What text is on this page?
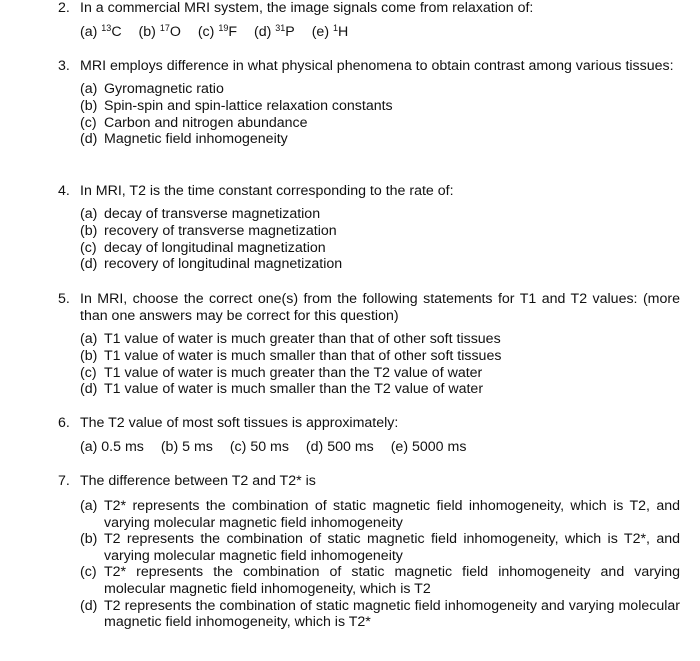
2. In a commercial MRI system, the image signals come from relaxation of:
(a) $^{13}$C (b) $^{17}$O (c) $^{19}$F (d) $^{31}$P (e) $^1$H
3. MRI employs difference in what physical phenomena to obtain contrast among various tissues:
(a) Gyromagnetic ratio
(b) Spin-spin and spin-lattice relaxation constants
(c) Carbon and nitrogen abundance
(d) Magnetic field inhomogeneity
4. In MRI, T2 is the time constant corresponding to the rate of:
(a) decay of transverse magnetization
(b) recovery of transverse magnetization
(c) decay of longitudinal magnetization
(d) recovery of longitudinal magnetization
5. In MRI, choose the correct one(s) from the following statements for T1 and T2 values: (more than one answers may be correct for this question)
(a) T1 value of water is much greater than that of other soft tissues
(b) T1 value of water is much smaller than that of other soft tissues
(c) T1 value of water is much greater than the T2 value of water
(d) T1 value of water is much smaller than the T2 value of water
6. The T2 value of most soft tissues is approximately:
(a) 0.5 ms (b) 5 ms (c) 50 ms (d) 500 ms (e) 5000 ms
7. The difference between T2 and T2* is
(a) T2* represents the combination of static magnetic field inhomogeneity, which is T2, and varying molecular magnetic field inhomogeneity
(b) T2 represents the combination of static magnetic field inhomogeneity, which is T2*, and varying molecular magnetic field inhomogeneity
(c) T2* represents the combination of static magnetic field inhomogeneity and varying molecular magnetic field inhomogeneity, which is T2
(d) T2 represents the combination of static magnetic field inhomogeneity and varying molecular magnetic field inhomogeneity, which is T2*
